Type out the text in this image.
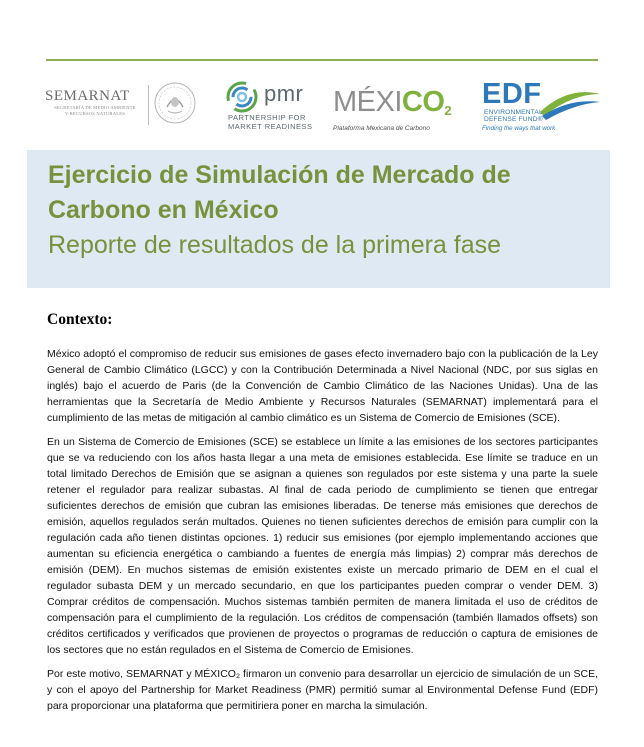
SEMARNAT
SECRETARÍA DE MEDIO AMBIENTE
Y RECURSOS NATURALES
pmr
PARTNERSHIP FOR
MARKET READINESS
MÉXICO2
Plataforma Mexicana de Carbono
EDF
ENVIRONMENTAL
DEFENSE FUND®
Finding the ways that work
Ejercicio de Simulación de Mercado de
Carbono en México
Reporte de resultados de la primera fase
Contexto:

México adoptó el compromiso de reducir sus emisiones de gases efecto invernadero bajo con la publicación de la Ley General de Cambio Climático (LGCC) y con la Contribución Determinada a Nivel Nacional (NDC, por sus siglas en inglés) bajo el acuerdo de Paris (de la Convención de Cambio Climático de las Naciones Unidas). Una de las herramientas que la Secretaría de Medio Ambiente y Recursos Naturales (SEMARNAT) implementará para el cumplimiento de las metas de mitigación al cambio climático es un Sistema de Comercio de Emisiones (SCE).

En un Sistema de Comercio de Emisiones (SCE) se establece un límite a las emisiones de los sectores participantes que se va reduciendo con los años hasta llegar a una meta de emisiones establecida. Ese límite se traduce en un total limitado Derechos de Emisión que se asignan a quienes son regulados por este sistema y una parte la suele retener el regulador para realizar subastas. Al final de cada periodo de cumplimiento se tienen que entregar suficientes derechos de emisión que cubran las emisiones liberadas. De tenerse más emisiones que derechos de emisión, aquellos regulados serán multados. Quienes no tienen suficientes derechos de emisión para cumplir con la regulación cada año tienen distintas opciones. 1) reducir sus emisiones (por ejemplo implementando acciones que aumentan su eficiencia energética o cambiando a fuentes de energía más limpias) 2) comprar más derechos de emisión (DEM). En muchos sistemas de emisión existentes existe un mercado primario de DEM en el cual el regulador subasta DEM y un mercado secundario, en que los participantes pueden comprar o vender DEM. 3) Comprar créditos de compensación. Muchos sistemas también permiten de manera limitada el uso de créditos de compensación para el cumplimiento de la regulación. Los créditos de compensación (también llamados offsets) son créditos certificados y verificados que provienen de proyectos o programas de reducción o captura de emisiones de los sectores que no están regulados en el Sistema de Comercio de Emisiones.

Por este motivo, SEMARNAT y MÉXICO₂ firmaron un convenio para desarrollar un ejercicio de simulación de un SCE, y con el apoyo del Partnership for Market Readiness (PMR) permitió sumar al Environmental Defense Fund (EDF) para proporcionar una plataforma que permitiriera poner en marcha la simulación.
